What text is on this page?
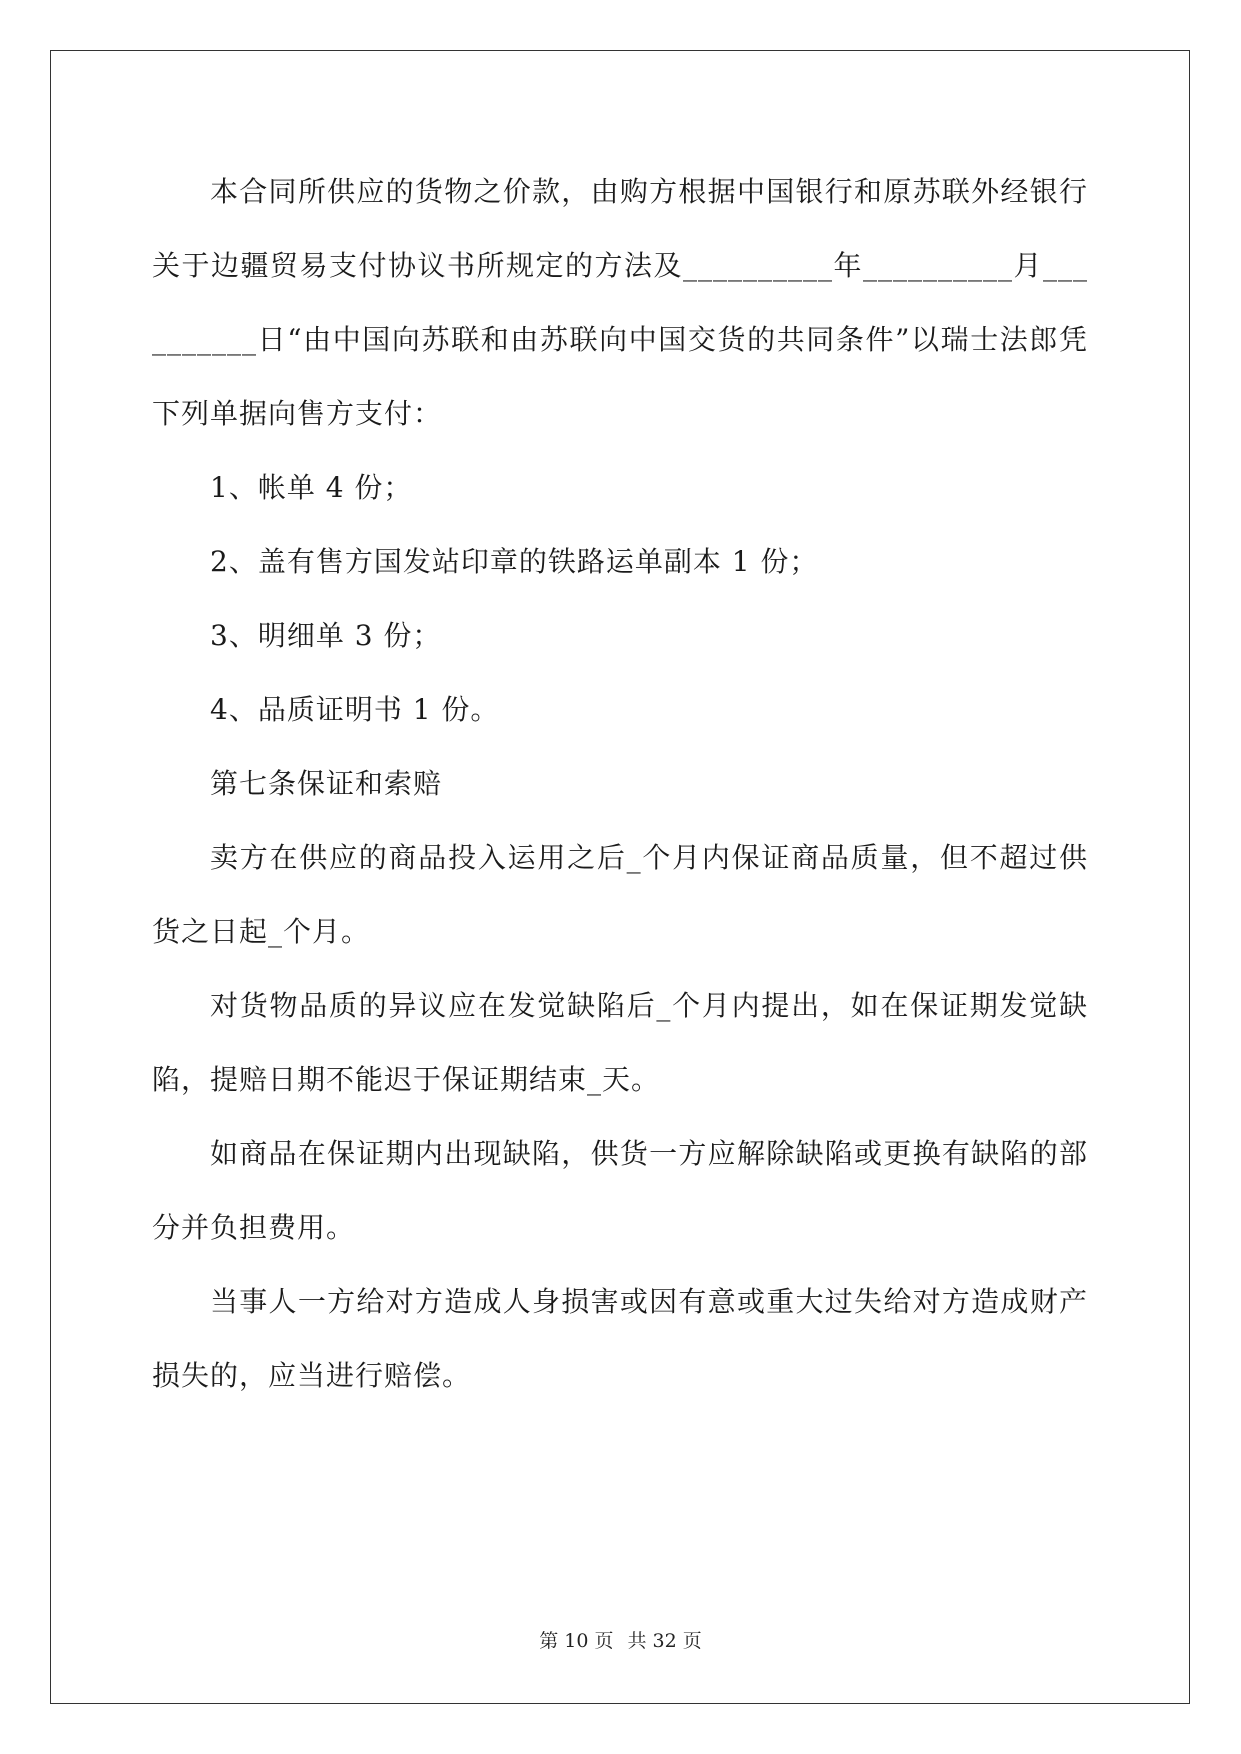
本合同所供应的货物之价款，由购方根据中国银行和原苏联外经银行关于边疆贸易支付协议书所规定的方法及__________年__________月__________日“由中国向苏联和由苏联向中国交货的共同条件”以瑞士法郎凭下列单据向售方支付：

1、帐单 4 份；

2、盖有售方国发站印章的铁路运单副本 1 份；

3、明细单 3 份；

4、品质证明书 1 份。

第七条保证和索赔

卖方在供应的商品投入运用之后_个月内保证商品质量，但不超过供货之日起_个月。

对货物品质的异议应在发觉缺陷后_个月内提出，如在保证期发觉缺陷，提赔日期不能迟于保证期结束_天。

如商品在保证期内出现缺陷，供货一方应解除缺陷或更换有缺陷的部分并负担费用。

当事人一方给对方造成人身损害或因有意或重大过失给对方造成财产损失的，应当进行赔偿。

第 10 页 共 32 页
